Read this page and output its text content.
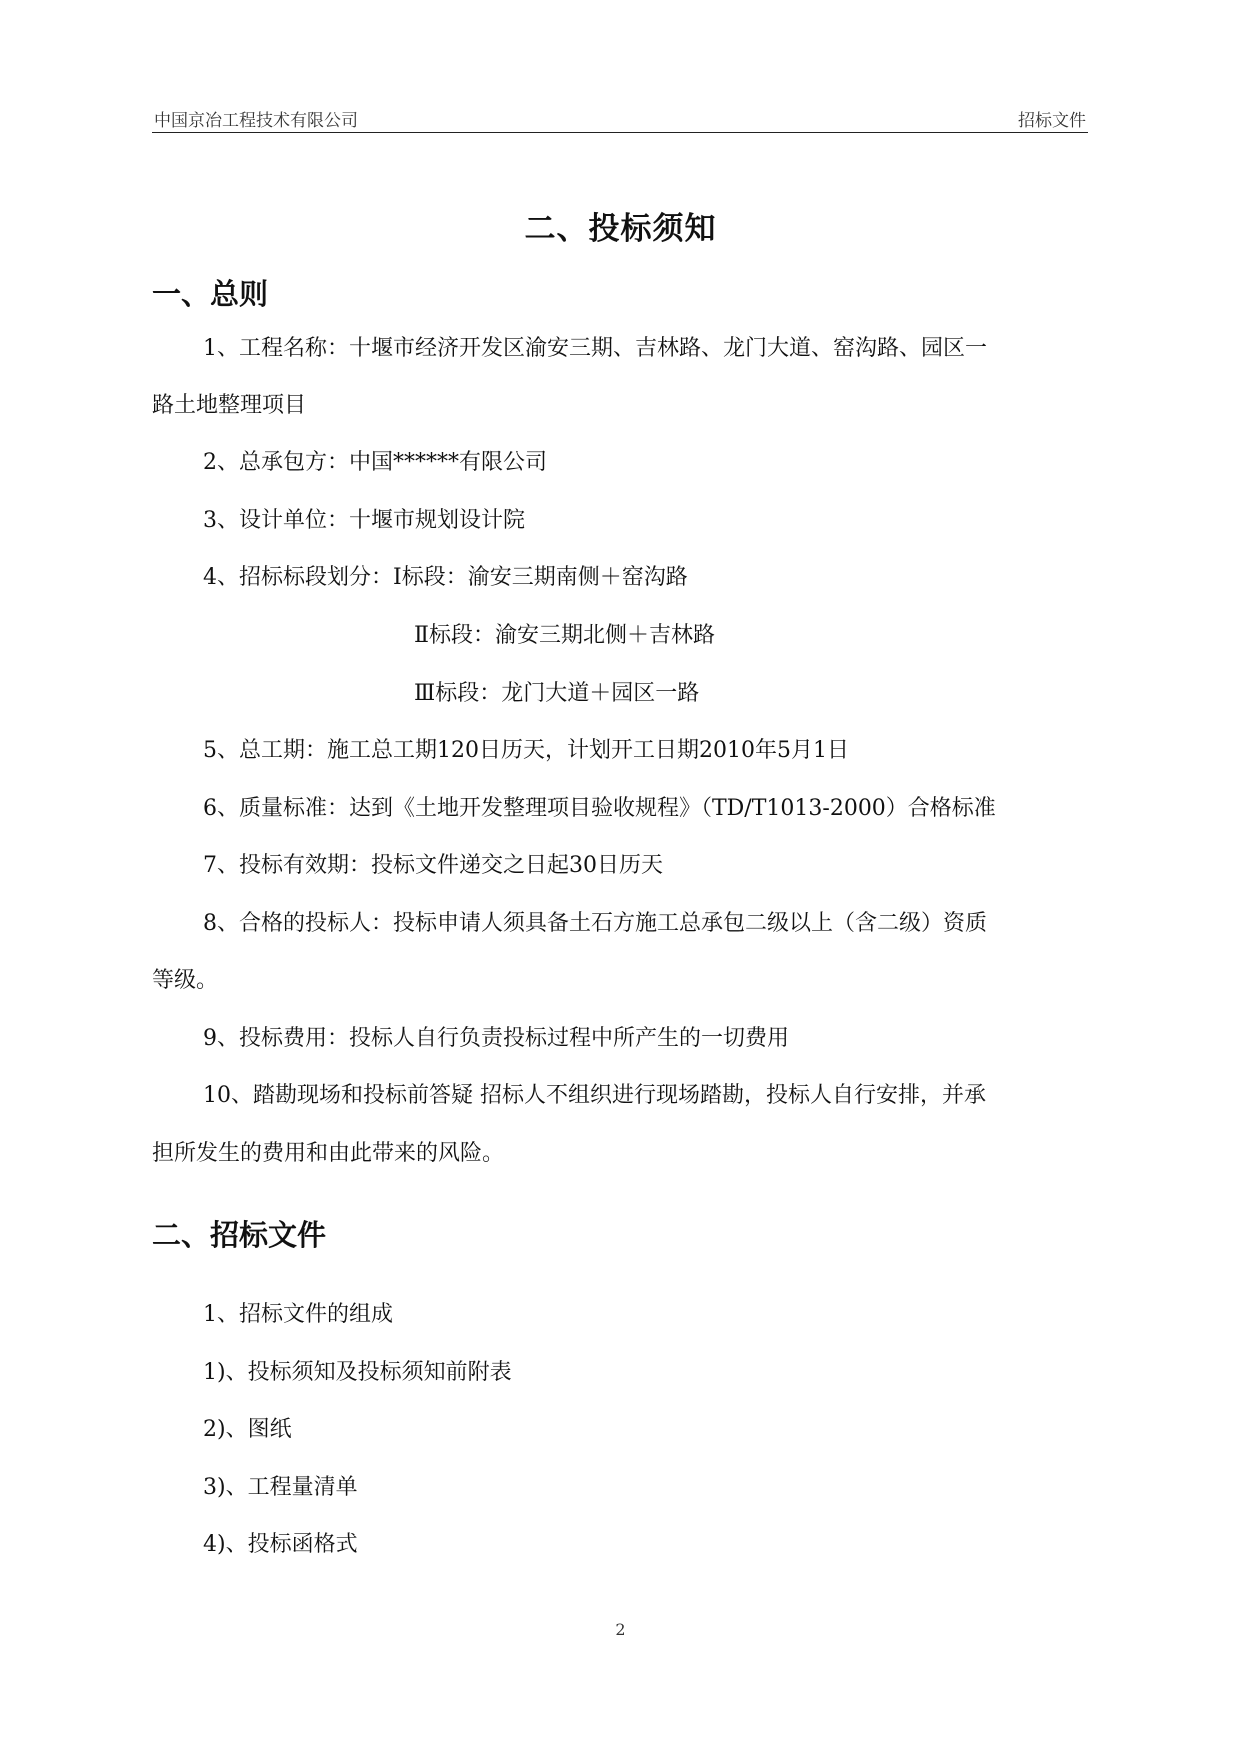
中国京冶工程技术有限公司	招标文件
二、投标须知
一、总则
1、工程名称：十堰市经济开发区渝安三期、吉林路、龙门大道、窑沟路、园区一
路土地整理项目
2、总承包方：中国******有限公司
3、设计单位：十堰市规划设计院
4、招标标段划分：Ⅰ标段：渝安三期南侧＋窑沟路
Ⅱ标段：渝安三期北侧＋吉林路
Ⅲ标段：龙门大道＋园区一路
5、总工期：施工总工期120日历天，计划开工日期2010年5月1日
6、质量标准：达到《土地开发整理项目验收规程》（TD/T1013-2000）合格标准
7、投标有效期：投标文件递交之日起30日历天
8、合格的投标人：投标申请人须具备土石方施工总承包二级以上（含二级）资质
等级。
9、投标费用：投标人自行负责投标过程中所产生的一切费用
10、踏勘现场和投标前答疑 招标人不组织进行现场踏勘，投标人自行安排，并承
担所发生的费用和由此带来的风险。
二、招标文件
1、招标文件的组成
1)、投标须知及投标须知前附表
2)、图纸
3)、工程量清单
4)、投标函格式
2
